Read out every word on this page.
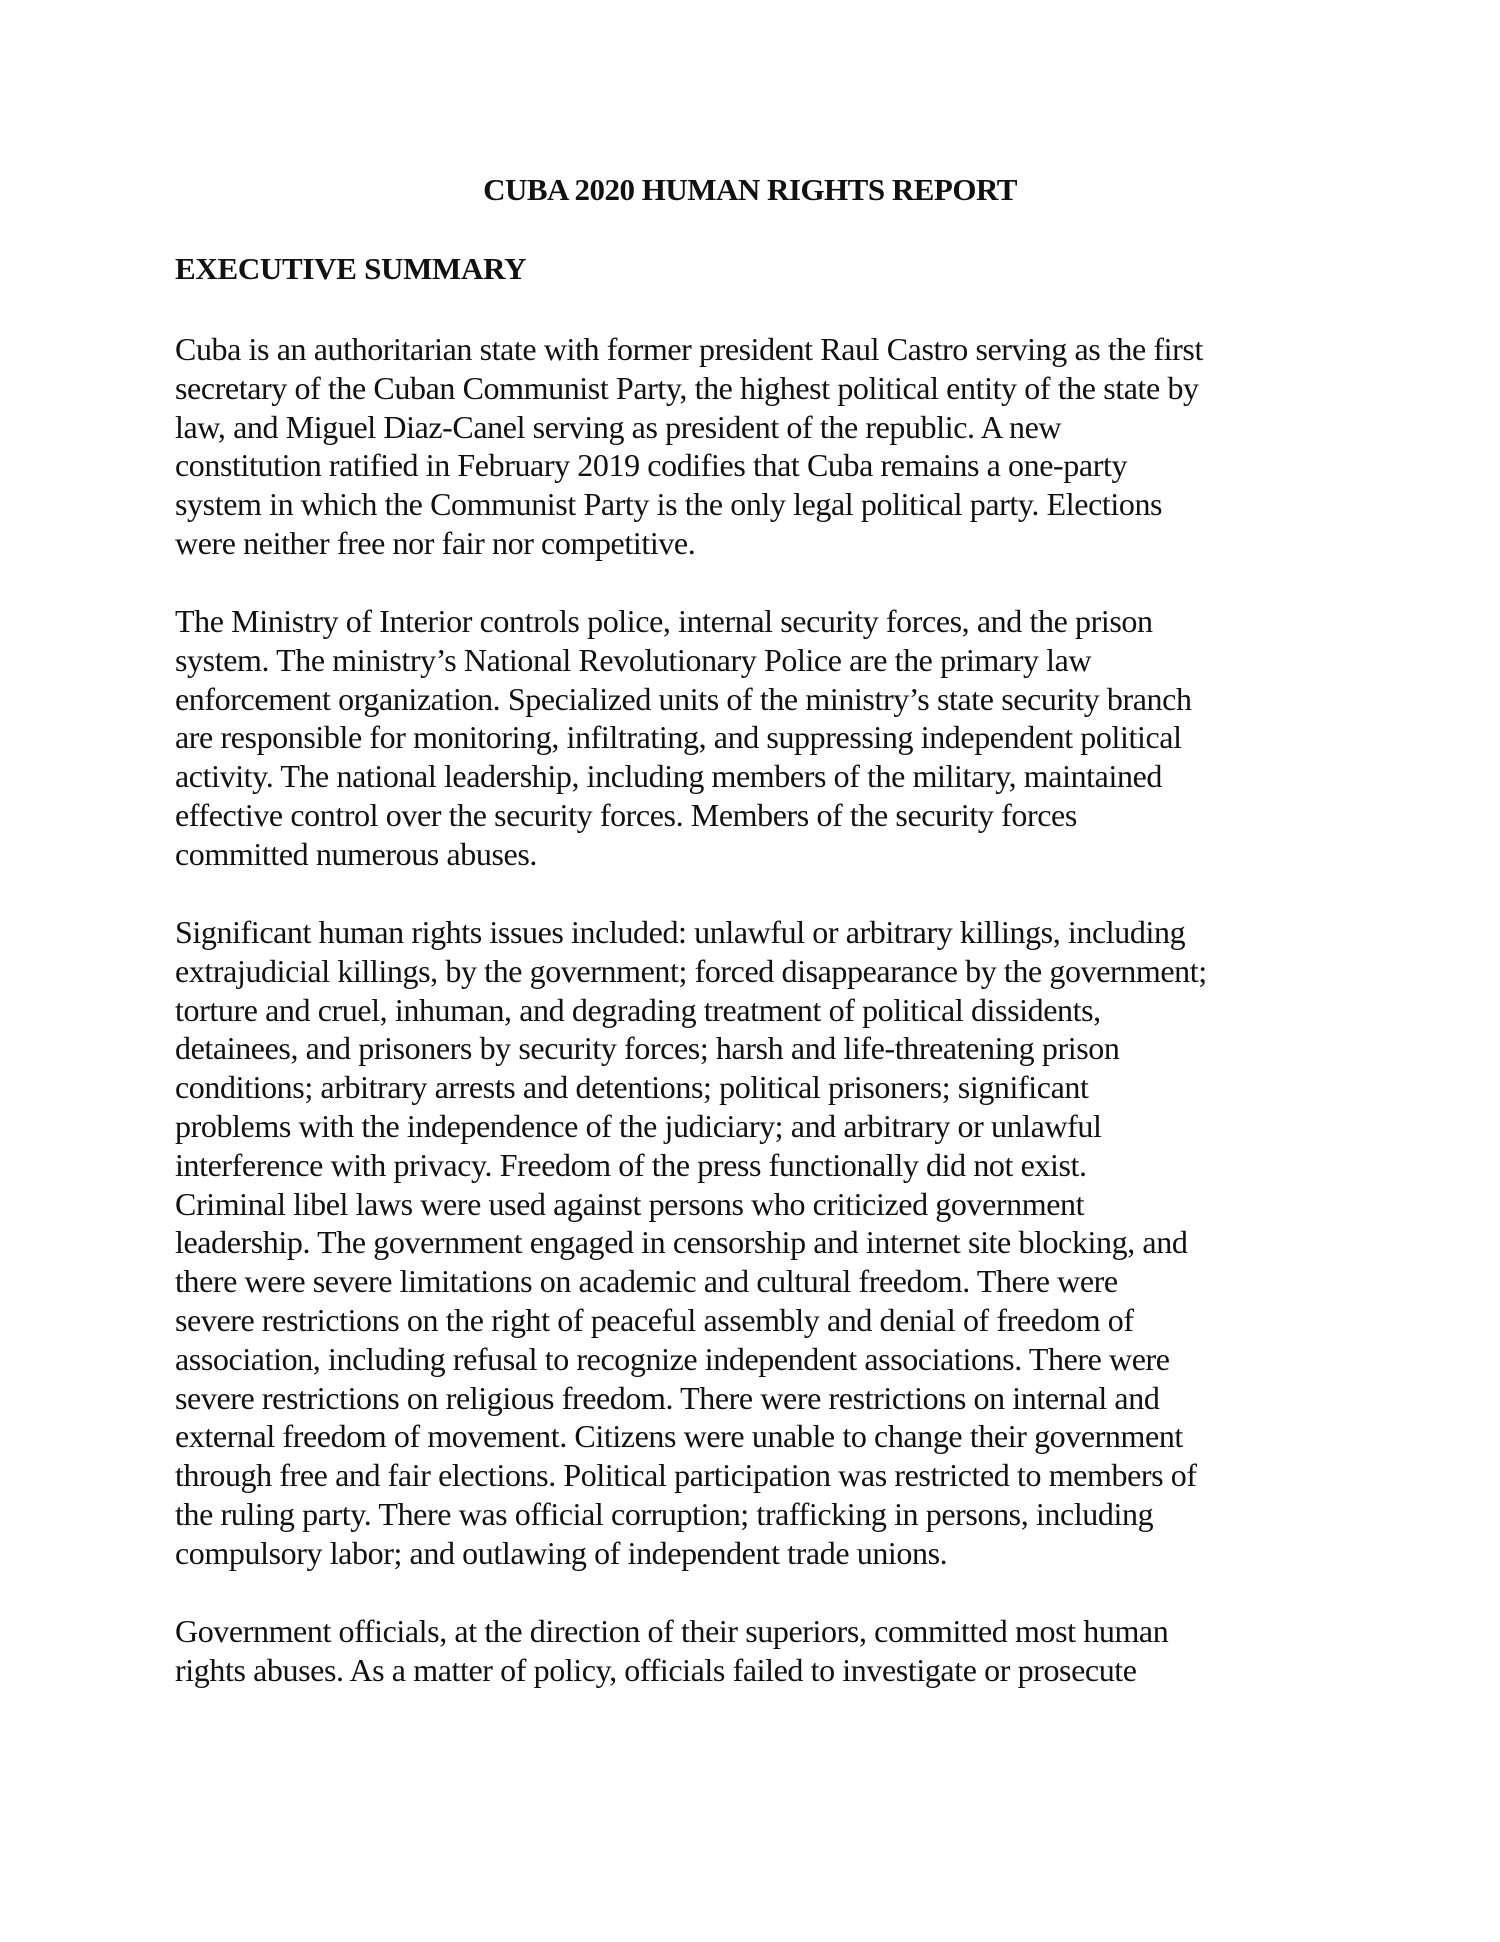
CUBA 2020 HUMAN RIGHTS REPORT
EXECUTIVE SUMMARY
Cuba is an authoritarian state with former president Raul Castro serving as the first
secretary of the Cuban Communist Party, the highest political entity of the state by
law, and Miguel Diaz-Canel serving as president of the republic. A new
constitution ratified in February 2019 codifies that Cuba remains a one-party
system in which the Communist Party is the only legal political party. Elections
were neither free nor fair nor competitive.
The Ministry of Interior controls police, internal security forces, and the prison
system. The ministry’s National Revolutionary Police are the primary law
enforcement organization. Specialized units of the ministry’s state security branch
are responsible for monitoring, infiltrating, and suppressing independent political
activity. The national leadership, including members of the military, maintained
effective control over the security forces. Members of the security forces
committed numerous abuses.
Significant human rights issues included: unlawful or arbitrary killings, including
extrajudicial killings, by the government; forced disappearance by the government;
torture and cruel, inhuman, and degrading treatment of political dissidents,
detainees, and prisoners by security forces; harsh and life-threatening prison
conditions; arbitrary arrests and detentions; political prisoners; significant
problems with the independence of the judiciary; and arbitrary or unlawful
interference with privacy. Freedom of the press functionally did not exist.
Criminal libel laws were used against persons who criticized government
leadership. The government engaged in censorship and internet site blocking, and
there were severe limitations on academic and cultural freedom. There were
severe restrictions on the right of peaceful assembly and denial of freedom of
association, including refusal to recognize independent associations. There were
severe restrictions on religious freedom. There were restrictions on internal and
external freedom of movement. Citizens were unable to change their government
through free and fair elections. Political participation was restricted to members of
the ruling party. There was official corruption; trafficking in persons, including
compulsory labor; and outlawing of independent trade unions.
Government officials, at the direction of their superiors, committed most human
rights abuses. As a matter of policy, officials failed to investigate or prosecute
